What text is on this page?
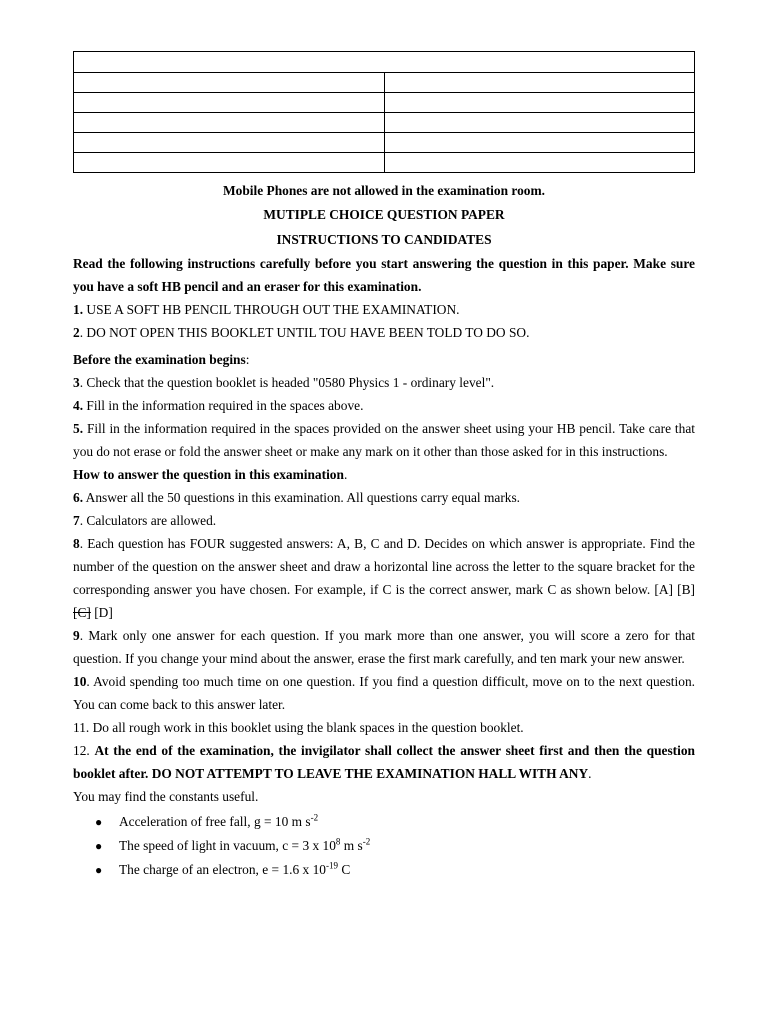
Mobile Phones are not allowed in the examination room.
MUTIPLE CHOICE QUESTION PAPER
INSTRUCTIONS TO CANDIDATES

Read the following instructions carefully before you start answering the question in this paper. Make sure you have a soft HB pencil and an eraser for this examination.

1. USE A SOFT HB PENCIL THROUGH OUT THE EXAMINATION.

2. DO NOT OPEN THIS BOOKLET UNTIL TOU HAVE BEEN TOLD TO DO SO.

Before the examination begins:

3. Check that the question booklet is headed "0580 Physics 1 - ordinary level".

4. Fill in the information required in the spaces above.

5. Fill in the information required in the spaces provided on the answer sheet using your HB pencil. Take care that you do not erase or fold the answer sheet or make any mark on it other than those asked for in this instructions.

How to answer the question in this examination.

6. Answer all the 50 questions in this examination. All questions carry equal marks.

7. Calculators are allowed.

8. Each question has FOUR suggested answers: A, B, C and D. Decides on which answer is appropriate. Find the number of the question on the answer sheet and draw a horizontal line across the letter to the square bracket for the corresponding answer you have chosen. For example, if C is the correct answer, mark C as shown below. [A] [B] [C] [D]

9. Mark only one answer for each question. If you mark more than one answer, you will score a zero for that question. If you change your mind about the answer, erase the first mark carefully, and ten mark your new answer.

10. Avoid spending too much time on one question. If you find a question difficult, move on to the next question. You can come back to this answer later.

11. Do all rough work in this booklet using the blank spaces in the question booklet.

12. At the end of the examination, the invigilator shall collect the answer sheet first and then the question booklet after. DO NOT ATTEMPT TO LEAVE THE EXAMINATION HALL WITH ANY.

You may find the constants useful.

● Acceleration of free fall, g = 10 m $s^{-2}$
● The speed of light in vacuum, c = 3 x $10^8$ m $s^{-2}$
● The charge of an electron, e = 1.6 x $10^{-19}$ C
